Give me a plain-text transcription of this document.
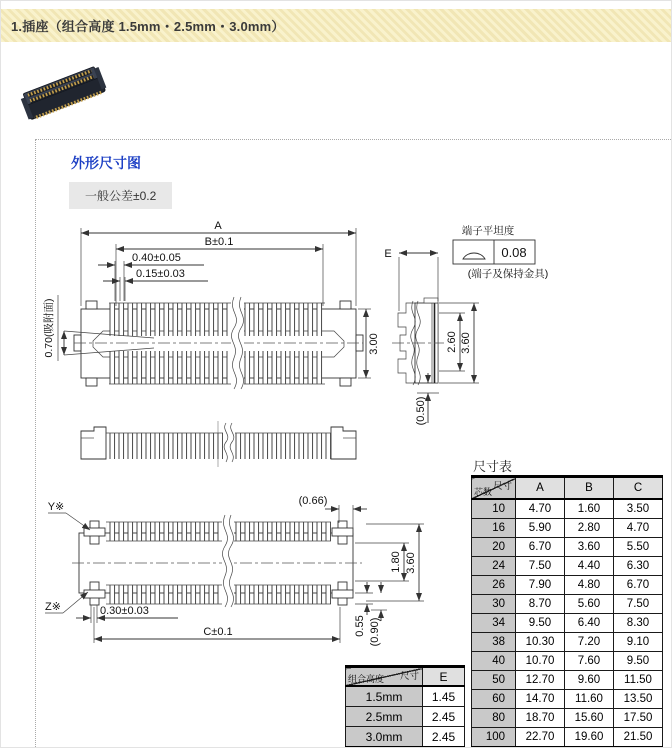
1.插座（组合高度 1.5mm・2.5mm・3.0mm）
外形尺寸图
一般公差±0.2
A
B±0.1
0.40±0.05
0.15±0.03
0.70(吸附面)	3.00
E
端子平坦度
0.08
(端子及保持金具)
2.60 3.60
(0.50)
Y※
Z※
(0.66)
1.80 3.60
0.30±0.03
C±0.1	0.55 (0.90)
尺寸表
尺寸
芯数	A	B	C
10	4.70	1.60	3.50
16	5.90	2.80	4.70
20	6.70	3.60	5.50
24	7.50	4.40	6.30
26	7.90	4.80	6.70
30	8.70	5.60	7.50
34	9.50	6.40	8.30
38	10.30	7.20	9.10
40	10.70	7.60	9.50
50	12.70	9.60	11.50
60	14.70	11.60	13.50
80	18.70	15.60	17.50
100	22.70	19.60	21.50
尺寸
组合高度	E
1.5mm	1.45
2.5mm	2.45
3.0mm	2.45
